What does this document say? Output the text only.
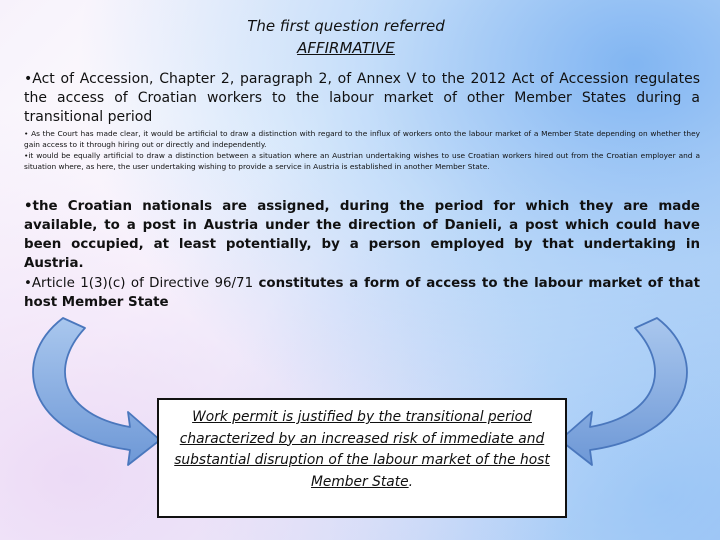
The first question referred
AFFIRMATIVE

•Act of Accession, Chapter 2, paragraph 2, of Annex V to the 2012 Act of Accession regulates the access of Croatian workers to the labour market of other Member States during a transitional period

• As the Court has made clear, it would be artificial to draw a distinction with regard to the influx of workers onto the labour market of a Member State depending on whether they gain access to it through hiring out or directly and independently.
•it would be equally artificial to draw a distinction between a situation where an Austrian undertaking wishes to use Croatian workers hired out from the Croatian employer and a situation where, as here, the user undertaking wishing to provide a service in Austria is established in another Member State.

•the Croatian nationals are assigned, during the period for which they are made available, to a post in Austria under the direction of Danieli, a post which could have been occupied, at least potentially, by a person employed by that undertaking in Austria.

•Article 1(3)(c) of Directive 96/71 constitutes a form of access to the labour market of that host Member State

Work permit is justified by the transitional period characterized by an increased risk of immediate and substantial disruption of the labour market of the host Member State.
